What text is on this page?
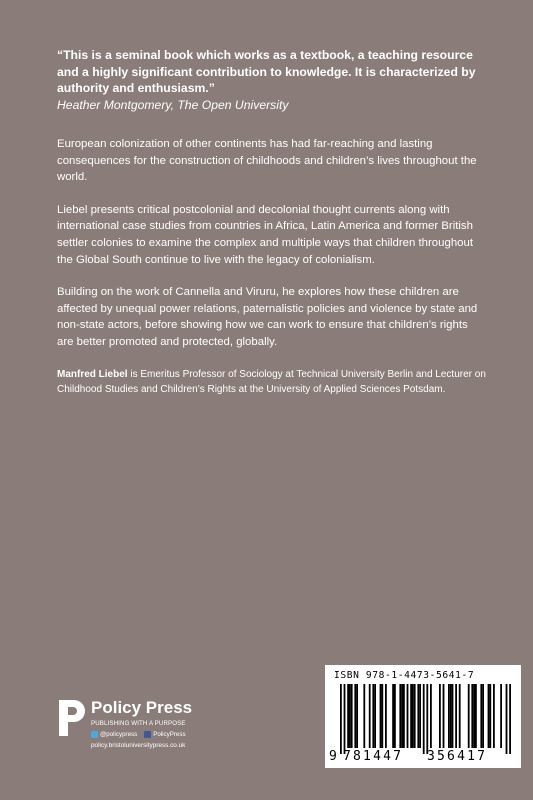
“This is a seminal book which works as a textbook, a teaching resource and a highly significant contribution to knowledge. It is characterized by authority and enthusiasm.”

Heather Montgomery, The Open University

European colonization of other continents has had far-reaching and lasting consequences for the construction of childhoods and children’s lives throughout the world.

Liebel presents critical postcolonial and decolonial thought currents along with international case studies from countries in Africa, Latin America and former British settler colonies to examine the complex and multiple ways that children throughout the Global South continue to live with the legacy of colonialism.

Building on the work of Cannella and Viruru, he explores how these children are affected by unequal power relations, paternalistic policies and violence by state and non-state actors, before showing how we can work to ensure that children’s rights are better promoted and protected, globally.

Manfred Liebel is Emeritus Professor of Sociology at Technical University Berlin and Lecturer on Childhood Studies and Children’s Rights at the University of Applied Sciences Potsdam.

Policy Press
PUBLISHING WITH A PURPOSE
@policypress	PolicyPress
policy.bristoluniversitypress.co.uk
ISBN 978-1-4473-5641-7
9 781447 356417
